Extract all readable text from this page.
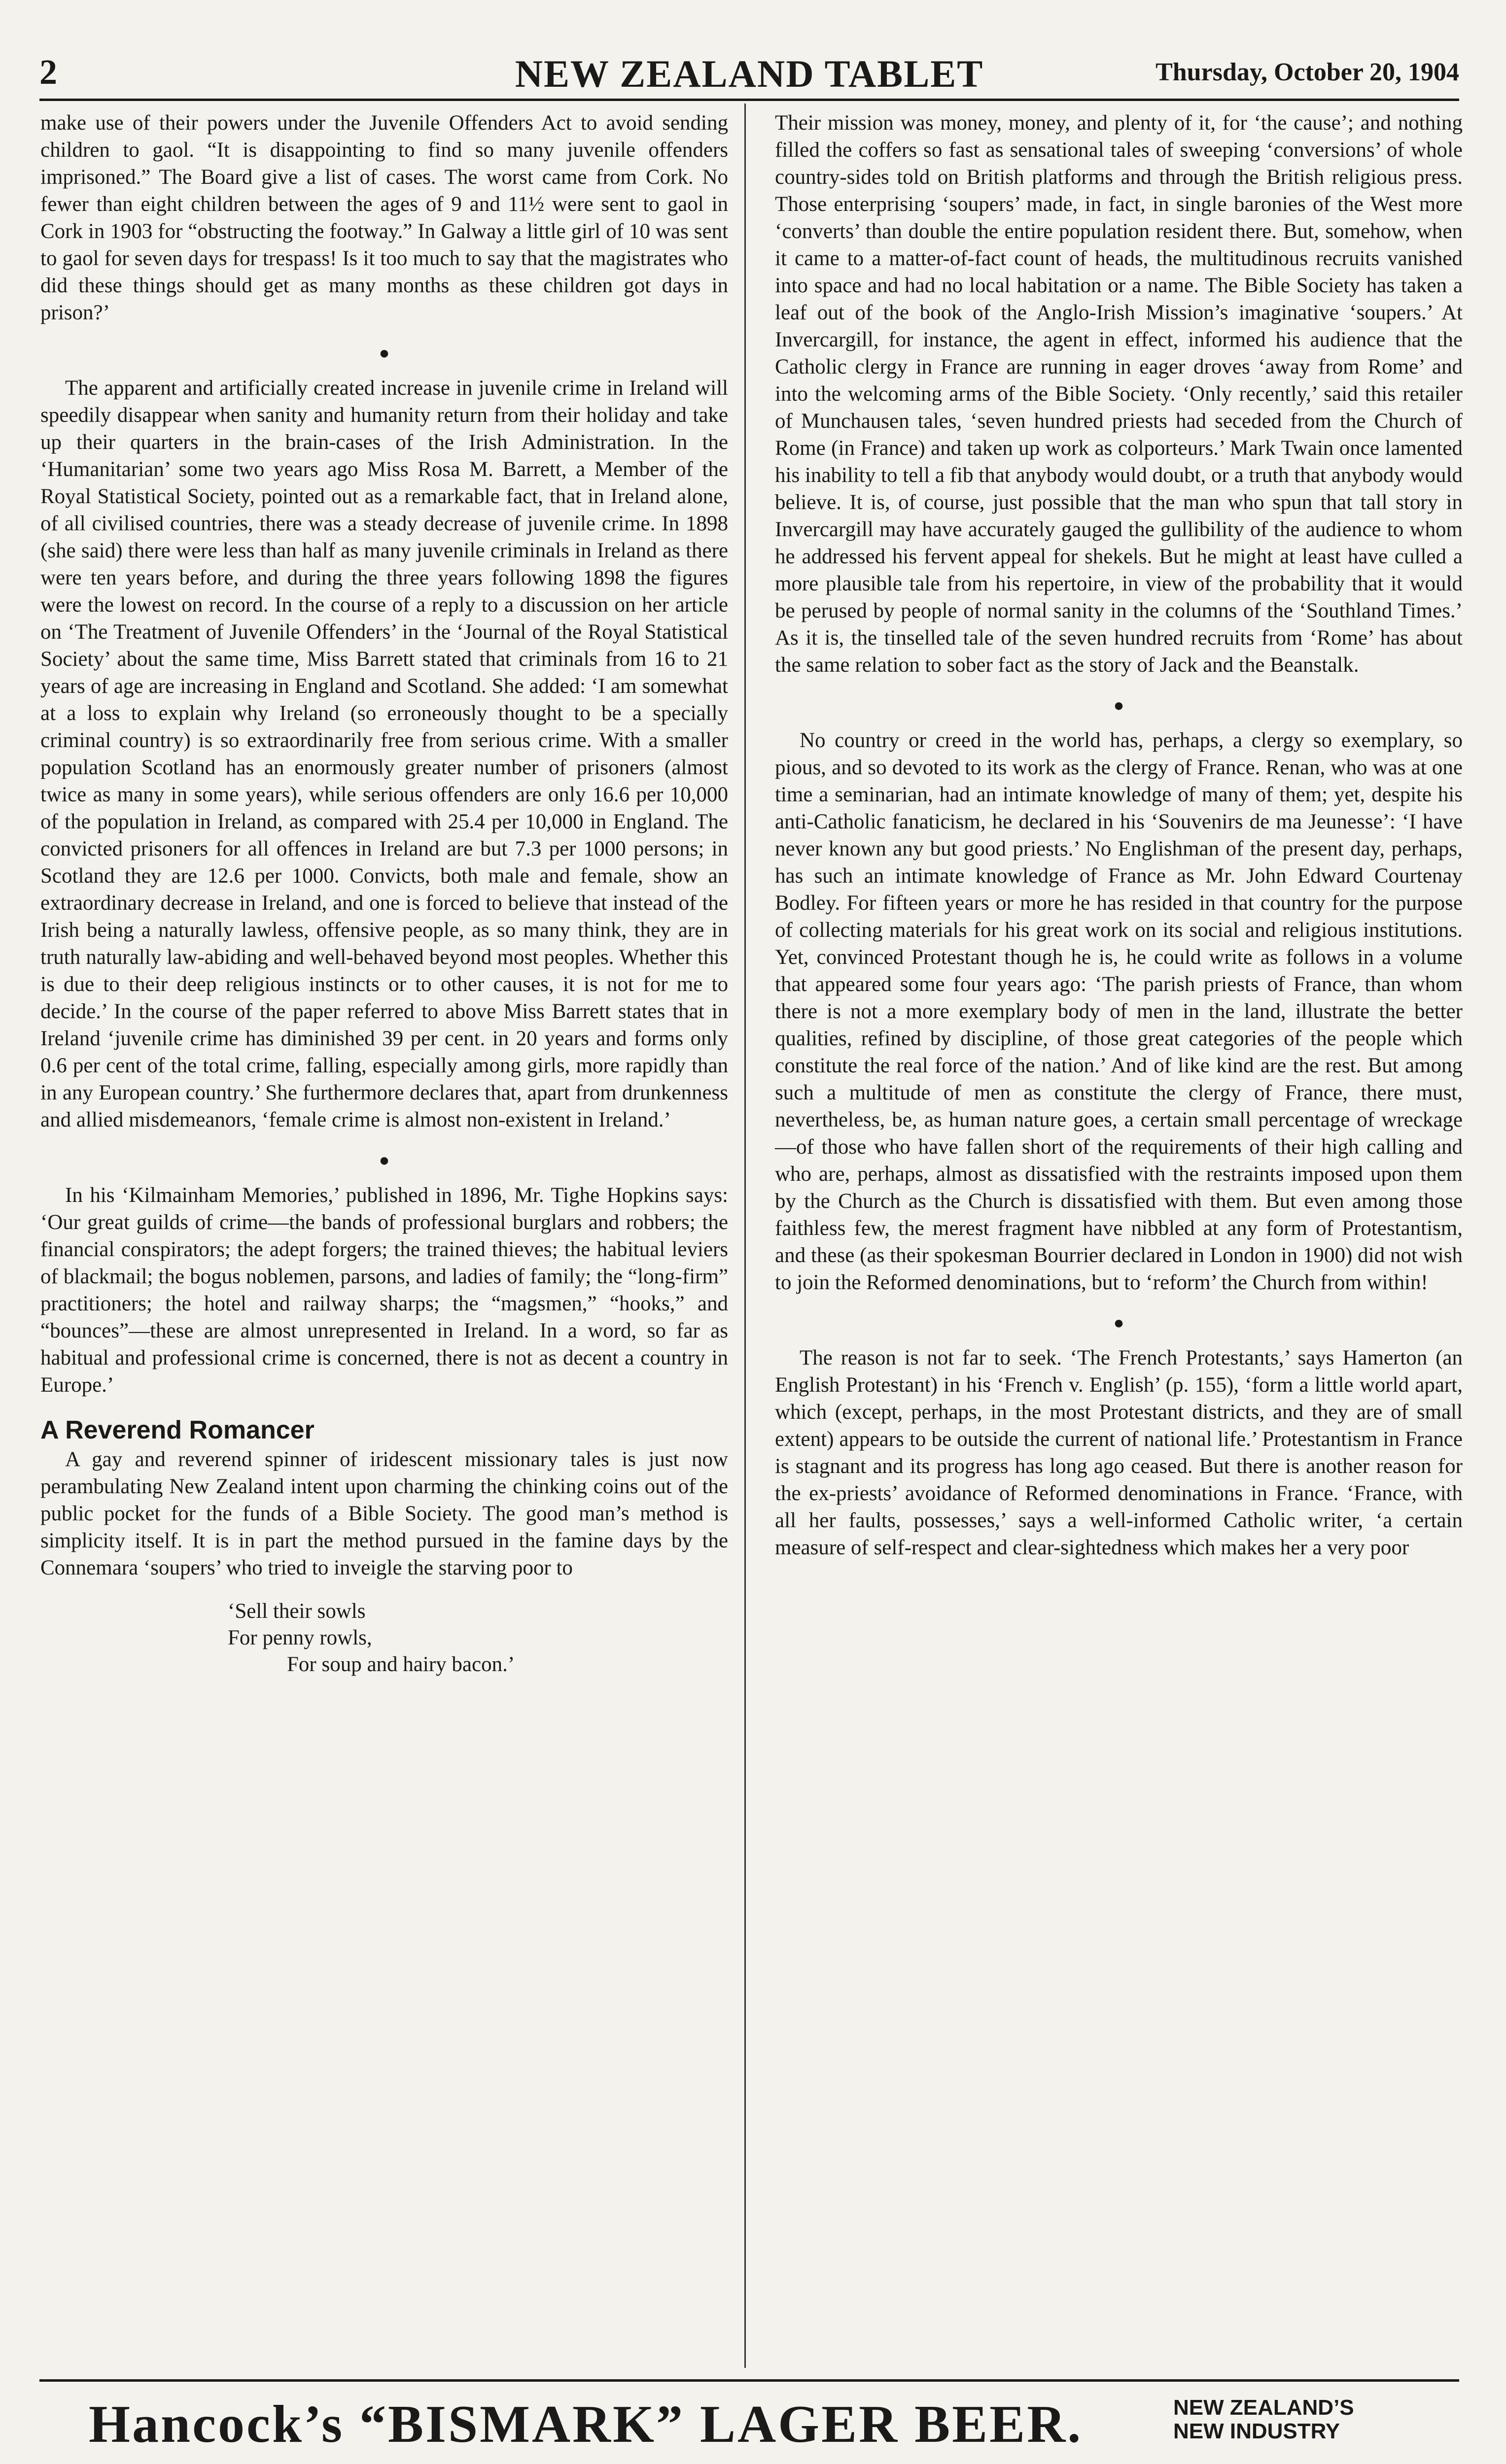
2	NEW ZEALAND TABLET	Thursday, October 20, 1904

make use of their powers under the Juvenile Offenders Act to avoid sending children to gaol. “It is disappointing to find so many juvenile offenders imprisoned.” The Board give a list of cases. The worst came from Cork. No fewer than eight children between the ages of 9 and 11½ were sent to gaol in Cork in 1903 for “obstructing the footway.” In Galway a little girl of 10 was sent to gaol for seven days for trespass! Is it too much to say that the magistrates who did these things should get as many months as these children got days in prison?’

●

The apparent and artificially created increase in juvenile crime in Ireland will speedily disappear when sanity and humanity return from their holiday and take up their quarters in the brain-cases of the Irish Administration. In the ‘Humanitarian’ some two years ago Miss Rosa M. Barrett, a Member of the Royal Statistical Society, pointed out as a remarkable fact, that in Ireland alone, of all civilised countries, there was a steady decrease of juvenile crime. In 1898 (she said) there were less than half as many juvenile criminals in Ireland as there were ten years before, and during the three years following 1898 the figures were the lowest on record. In the course of a reply to a discussion on her article on ‘The Treatment of Juvenile Offenders’ in the ‘Journal of the Royal Statistical Society’ about the same time, Miss Barrett stated that criminals from 16 to 21 years of age are increasing in England and Scotland. She added: ‘I am somewhat at a loss to explain why Ireland (so erroneously thought to be a specially criminal country) is so extraordinarily free from serious crime. With a smaller population Scotland has an enormously greater number of prisoners (almost twice as many in some years), while serious offenders are only 16.6 per 10,000 of the population in Ireland, as compared with 25.4 per 10,000 in England. The convicted prisoners for all offences in Ireland are but 7.3 per 1000 persons; in Scotland they are 12.6 per 1000. Convicts, both male and female, show an extraordinary decrease in Ireland, and one is forced to believe that instead of the Irish being a naturally lawless, offensive people, as so many think, they are in truth naturally law-abiding and well-behaved beyond most peoples. Whether this is due to their deep religious instincts or to other causes, it is not for me to decide.’ In the course of the paper referred to above Miss Barrett states that in Ireland ‘juvenile crime has diminished 39 per cent. in 20 years and forms only 0.6 per cent of the total crime, falling, especially among girls, more rapidly than in any European country.’ She furthermore declares that, apart from drunkenness and allied misdemeanors, ‘female crime is almost non-existent in Ireland.’

●

In his ‘Kilmainham Memories,’ published in 1896, Mr. Tighe Hopkins says: ‘Our great guilds of crime—the bands of professional burglars and robbers; the financial conspirators; the adept forgers; the trained thieves; the habitual leviers of blackmail; the bogus noblemen, parsons, and ladies of family; the “long-firm” practitioners; the hotel and railway sharps; the “magsmen,” “hooks,” and “bounces”—these are almost unrepresented in Ireland. In a word, so far as habitual and professional crime is concerned, there is not as decent a country in Europe.’

A Reverend Romancer

A gay and reverend spinner of iridescent missionary tales is just now perambulating New Zealand intent upon charming the chinking coins out of the public pocket for the funds of a Bible Society. The good man’s method is simplicity itself. It is in part the method pursued in the famine days by the Connemara ‘soupers’ who tried to inveigle the starving poor to

‘Sell their sowls
For penny rowls,
For soup and hairy bacon.’

Their mission was money, money, and plenty of it, for ‘the cause’; and nothing filled the coffers so fast as sensational tales of sweeping ‘conversions’ of whole country-sides told on British platforms and through the British religious press. Those enterprising ‘soupers’ made, in fact, in single baronies of the West more ‘converts’ than double the entire population resident there. But, somehow, when it came to a matter-of-fact count of heads, the multitudinous recruits vanished into space and had no local habitation or a name. The Bible Society has taken a leaf out of the book of the Anglo-Irish Mission’s imaginative ‘soupers.’ At Invercargill, for instance, the agent in effect, informed his audience that the Catholic clergy in France are running in eager droves ‘away from Rome’ and into the welcoming arms of the Bible Society. ‘Only recently,’ said this retailer of Munchausen tales, ‘seven hundred priests had seceded from the Church of Rome (in France) and taken up work as colporteurs.’ Mark Twain once lamented his inability to tell a fib that anybody would doubt, or a truth that anybody would believe. It is, of course, just possible that the man who spun that tall story in Invercargill may have accurately gauged the gullibility of the audience to whom he addressed his fervent appeal for shekels. But he might at least have culled a more plausible tale from his repertoire, in view of the probability that it would be perused by people of normal sanity in the columns of the ‘Southland Times.’ As it is, the tinselled tale of the seven hundred recruits from ‘Rome’ has about the same relation to sober fact as the story of Jack and the Beanstalk.

●

No country or creed in the world has, perhaps, a clergy so exemplary, so pious, and so devoted to its work as the clergy of France. Renan, who was at one time a seminarian, had an intimate knowledge of many of them; yet, despite his anti-Catholic fanaticism, he declared in his ‘Souvenirs de ma Jeunesse’: ‘I have never known any but good priests.’ No Englishman of the present day, perhaps, has such an intimate knowledge of France as Mr. John Edward Courtenay Bodley. For fifteen years or more he has resided in that country for the purpose of collecting materials for his great work on its social and religious institutions. Yet, convinced Protestant though he is, he could write as follows in a volume that appeared some four years ago: ‘The parish priests of France, than whom there is not a more exemplary body of men in the land, illustrate the better qualities, refined by discipline, of those great categories of the people which constitute the real force of the nation.’ And of like kind are the rest. But among such a multitude of men as constitute the clergy of France, there must, nevertheless, be, as human nature goes, a certain small percentage of wreckage—of those who have fallen short of the requirements of their high calling and who are, perhaps, almost as dissatisfied with the restraints imposed upon them by the Church as the Church is dissatisfied with them. But even among those faithless few, the merest fragment have nibbled at any form of Protestantism, and these (as their spokesman Bourrier declared in London in 1900) did not wish to join the Reformed denominations, but to ‘reform’ the Church from within!

●

The reason is not far to seek. ‘The French Protestants,’ says Hamerton (an English Protestant) in his ‘French v. English’ (p. 155), ‘form a little world apart, which (except, perhaps, in the most Protestant districts, and they are of small extent) appears to be outside the current of national life.’ Protestantism in France is stagnant and its progress has long ago ceased. But there is another reason for the ex-priests’ avoidance of Reformed denominations in France. ‘France, with all her faults, possesses,’ says a well-informed Catholic writer, ‘a certain measure of self-respect and clear-sightedness which makes her a very poor

Hancock’s “BISMARK” LAGER BEER.	NEW ZEALAND’S
NEW INDUSTRY
